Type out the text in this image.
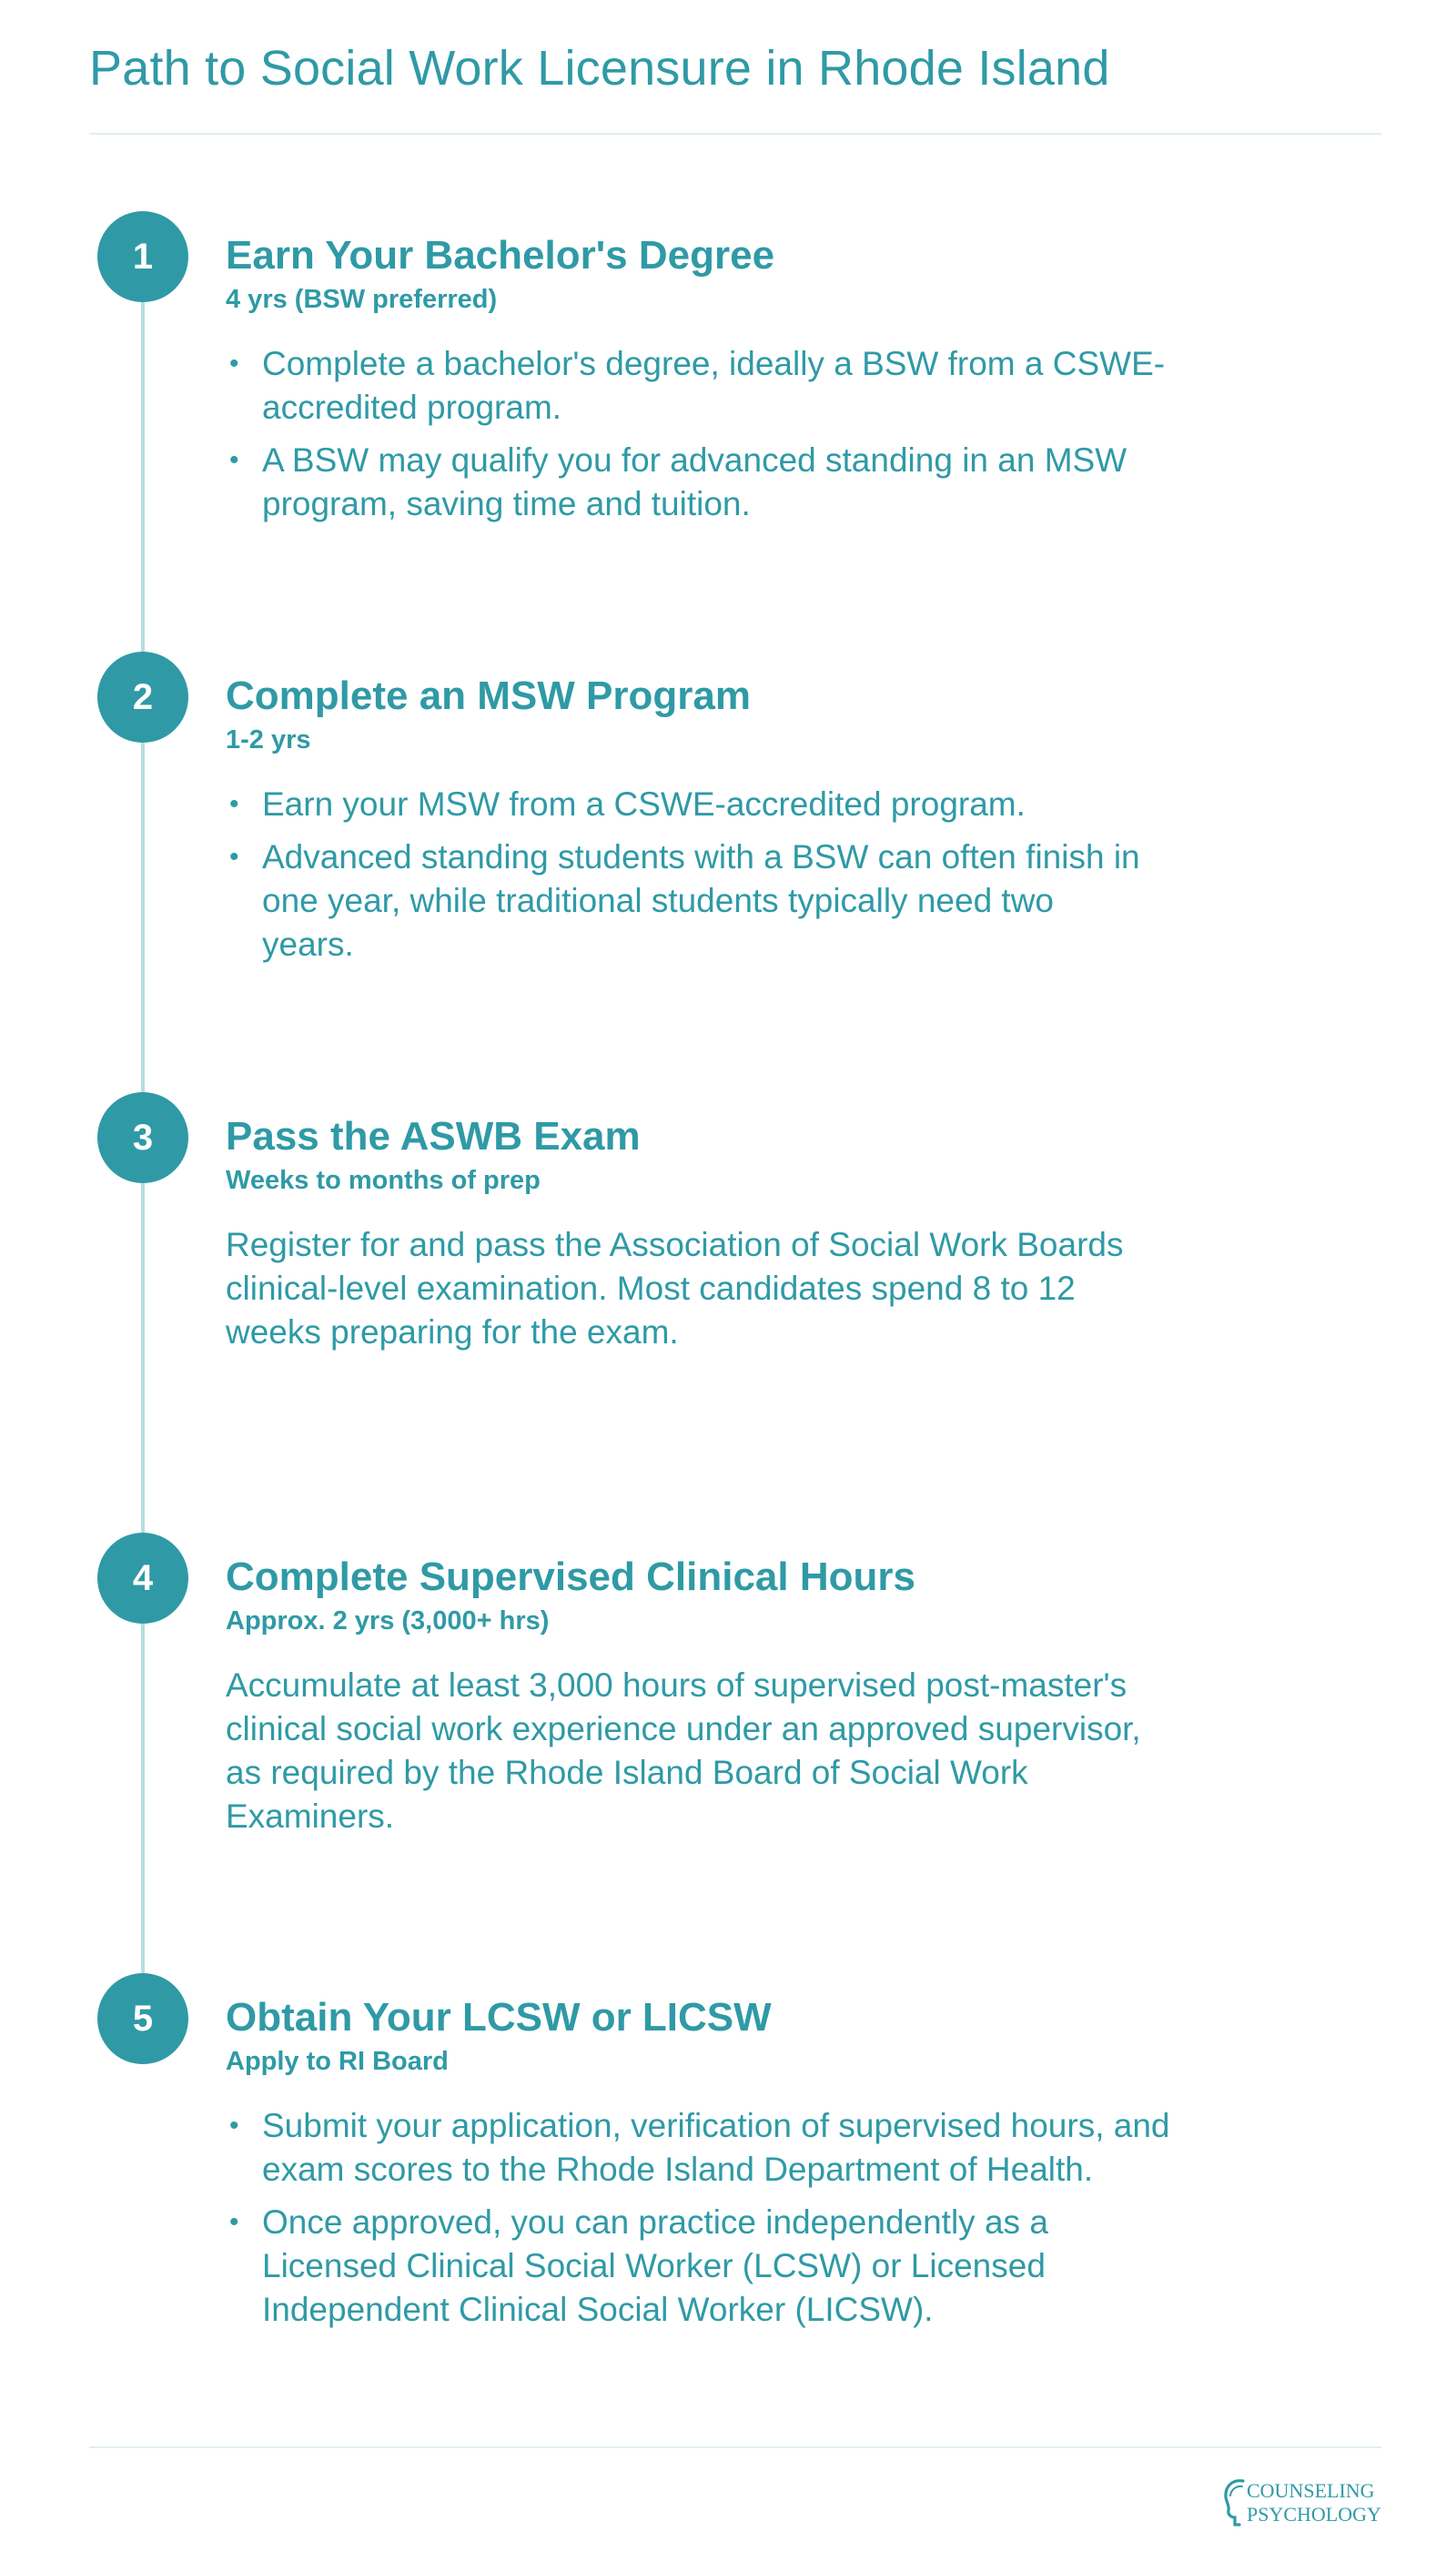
Path to Social Work Licensure in Rhode Island
1	Earn Your Bachelor's Degree
4 yrs (BSW preferred)
• Complete a bachelor's degree, ideally a BSW from a CSWE-accredited program.
• A BSW may qualify you for advanced standing in an MSW program, saving time and tuition.
2	Complete an MSW Program
1-2 yrs
• Earn your MSW from a CSWE-accredited program.
• Advanced standing students with a BSW can often finish in one year, while traditional students typically need two years.
3	Pass the ASWB Exam
Weeks to months of prep

Register for and pass the Association of Social Work Boards clinical-level examination. Most candidates spend 8 to 12 weeks preparing for the exam.

4	Complete Supervised Clinical Hours
Approx. 2 yrs (3,000+ hrs)

Accumulate at least 3,000 hours of supervised post-master's clinical social work experience under an approved supervisor, as required by the Rhode Island Board of Social Work Examiners.

5	Obtain Your LCSW or LICSW
Apply to RI Board
• Submit your application, verification of supervised hours, and exam scores to the Rhode Island Department of Health.
• Once approved, you can practice independently as a Licensed Clinical Social Worker (LCSW) or Licensed Independent Clinical Social Worker (LICSW).
COUNSELING
PSYCHOLOGY
